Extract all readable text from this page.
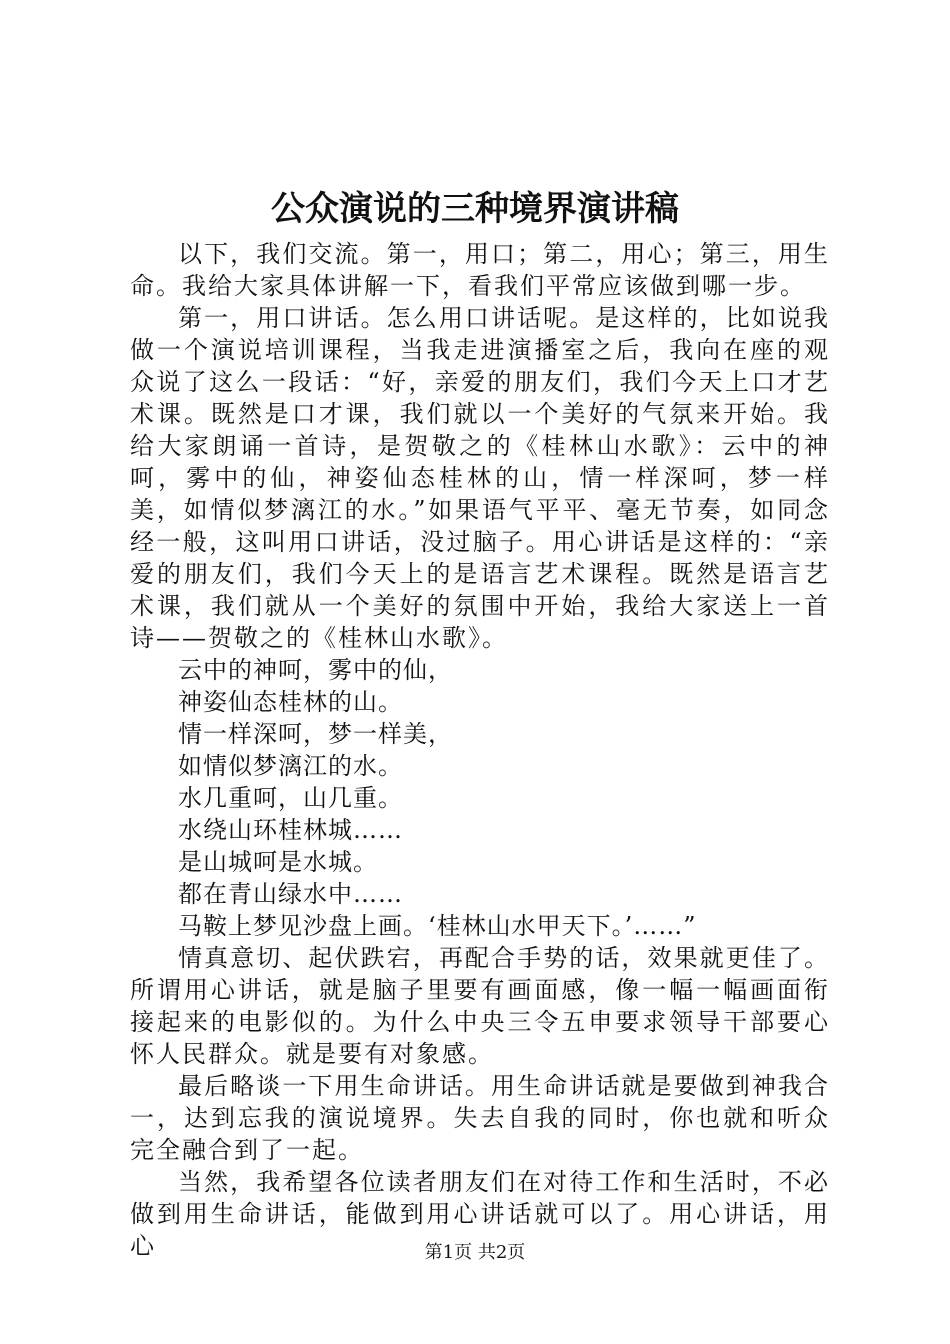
公众演说的三种境界演讲稿

以下，我们交流。第一，用口；第二，用心；第三，用生命。我给大家具体讲解一下，看我们平常应该做到哪一步。

第一，用口讲话。怎么用口讲话呢。是这样的，比如说我做一个演说培训课程，当我走进演播室之后，我向在座的观众说了这么一段话：“好，亲爱的朋友们，我们今天上口才艺术课。既然是口才课，我们就以一个美好的气氛来开始。我给大家朗诵一首诗，是贺敬之的《桂林山水歌》：云中的神呵，雾中的仙，神姿仙态桂林的山，情一样深呵，梦一样美，如情似梦漓江的水。”如果语气平平、毫无节奏，如同念经一般，这叫用口讲话，没过脑子。用心讲话是这样的：“亲爱的朋友们，我们今天上的是语言艺术课程。既然是语言艺术课，我们就从一个美好的氛围中开始，我给大家送上一首诗——贺敬之的《桂林山水歌》。

云中的神呵，雾中的仙，

神姿仙态桂林的山。

情一样深呵，梦一样美，

如情似梦漓江的水。

水几重呵，山几重。

水绕山环桂林城……

是山城呵是水城。

都在青山绿水中……

马鞍上梦见沙盘上画。‘桂林山水甲天下。’……”

情真意切、起伏跌宕，再配合手势的话，效果就更佳了。所谓用心讲话，就是脑子里要有画面感，像一幅一幅画面衔接起来的电影似的。为什么中央三令五申要求领导干部要心怀人民群众。就是要有对象感。

最后略谈一下用生命讲话。用生命讲话就是要做到神我合一，达到忘我的演说境界。失去自我的同时，你也就和听众完全融合到了一起。

当然，我希望各位读者朋友们在对待工作和生活时，不必做到用生命讲话，能做到用心讲话就可以了。用心讲话，用心	第1页 共2页
